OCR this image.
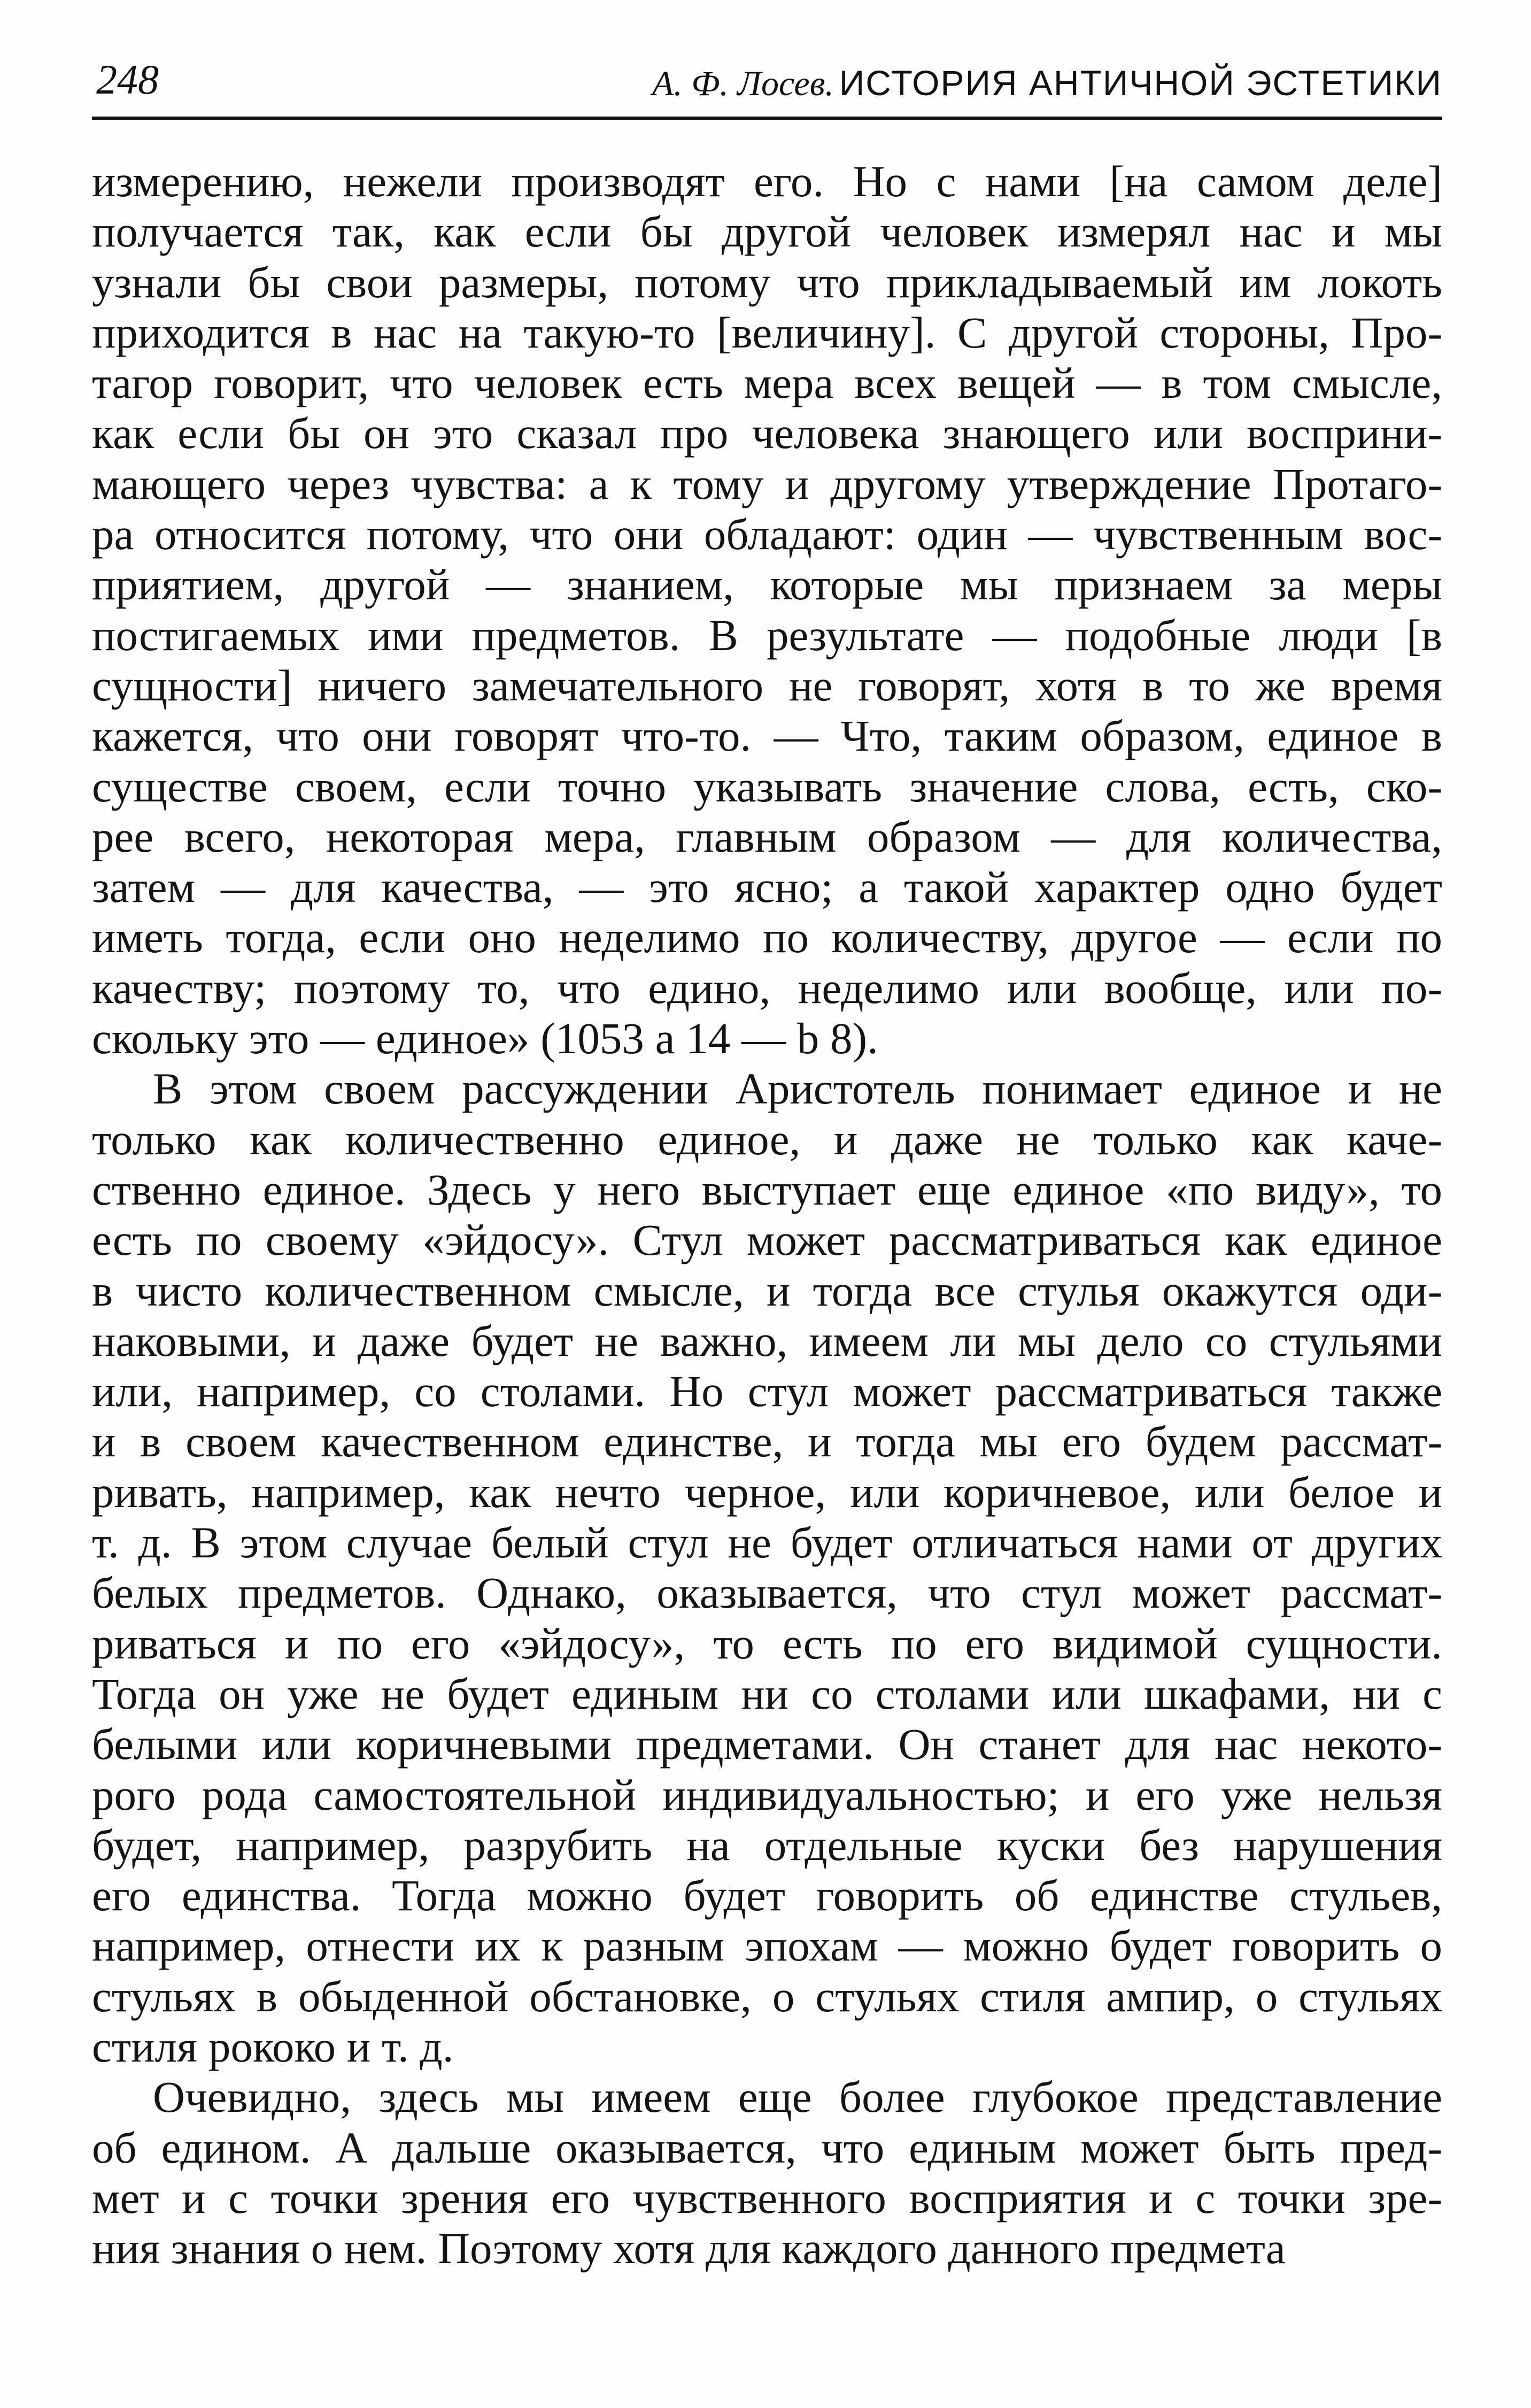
248	А. Ф. Лосев. ИСТОРИЯ АНТИЧНОЙ ЭСТЕТИКИ
измерению, нежели производят его. Но с нами [на самом деле]
получается так, как если бы другой человек измерял нас и мы
узнали бы свои размеры, потому что прикладываемый им локоть
приходится в нас на такую-то [величину]. С другой стороны, Про-
тагор говорит, что человек есть мера всех вещей — в том смысле,
как если бы он это сказал про человека знающего или восприни-
мающего через чувства: а к тому и другому утверждение Протаго-
ра относится потому, что они обладают: один — чувственным вос-
приятием, другой — знанием, которые мы признаем за меры
постигаемых ими предметов. В результате — подобные люди [в
сущности] ничего замечательного не говорят, хотя в то же время
кажется, что они говорят что-то. — Что, таким образом, единое в
существе своем, если точно указывать значение слова, есть, ско-
рее всего, некоторая мера, главным образом — для количества,
затем — для качества, — это ясно; а такой характер одно будет
иметь тогда, если оно неделимо по количеству, другое — если по
качеству; поэтому то, что едино, неделимо или вообще, или по-
скольку это — единое» (1053 а 14 — b 8).
В этом своем рассуждении Аристотель понимает единое и не
только как количественно единое, и даже не только как каче-
ственно единое. Здесь у него выступает еще единое «по виду», то
есть по своему «эйдосу». Стул может рассматриваться как единое
в чисто количественном смысле, и тогда все стулья окажутся оди-
наковыми, и даже будет не важно, имеем ли мы дело со стульями
или, например, со столами. Но стул может рассматриваться также
и в своем качественном единстве, и тогда мы его будем рассмат-
ривать, например, как нечто черное, или коричневое, или белое и
т. д. В этом случае белый стул не будет отличаться нами от других
белых предметов. Однако, оказывается, что стул может рассмат-
риваться и по его «эйдосу», то есть по его видимой сущности.
Тогда он уже не будет единым ни со столами или шкафами, ни с
белыми или коричневыми предметами. Он станет для нас некото-
рого рода самостоятельной индивидуальностью; и его уже нельзя
будет, например, разрубить на отдельные куски без нарушения
его единства. Тогда можно будет говорить об единстве стульев,
например, отнести их к разным эпохам — можно будет говорить о
стульях в обыденной обстановке, о стульях стиля ампир, о стульях
стиля рококо и т. д.
Очевидно, здесь мы имеем еще более глубокое представление
об едином. А дальше оказывается, что единым может быть пред-
мет и с точки зрения его чувственного восприятия и с точки зре-
ния знания о нем. Поэтому хотя для каждого данного предмета
